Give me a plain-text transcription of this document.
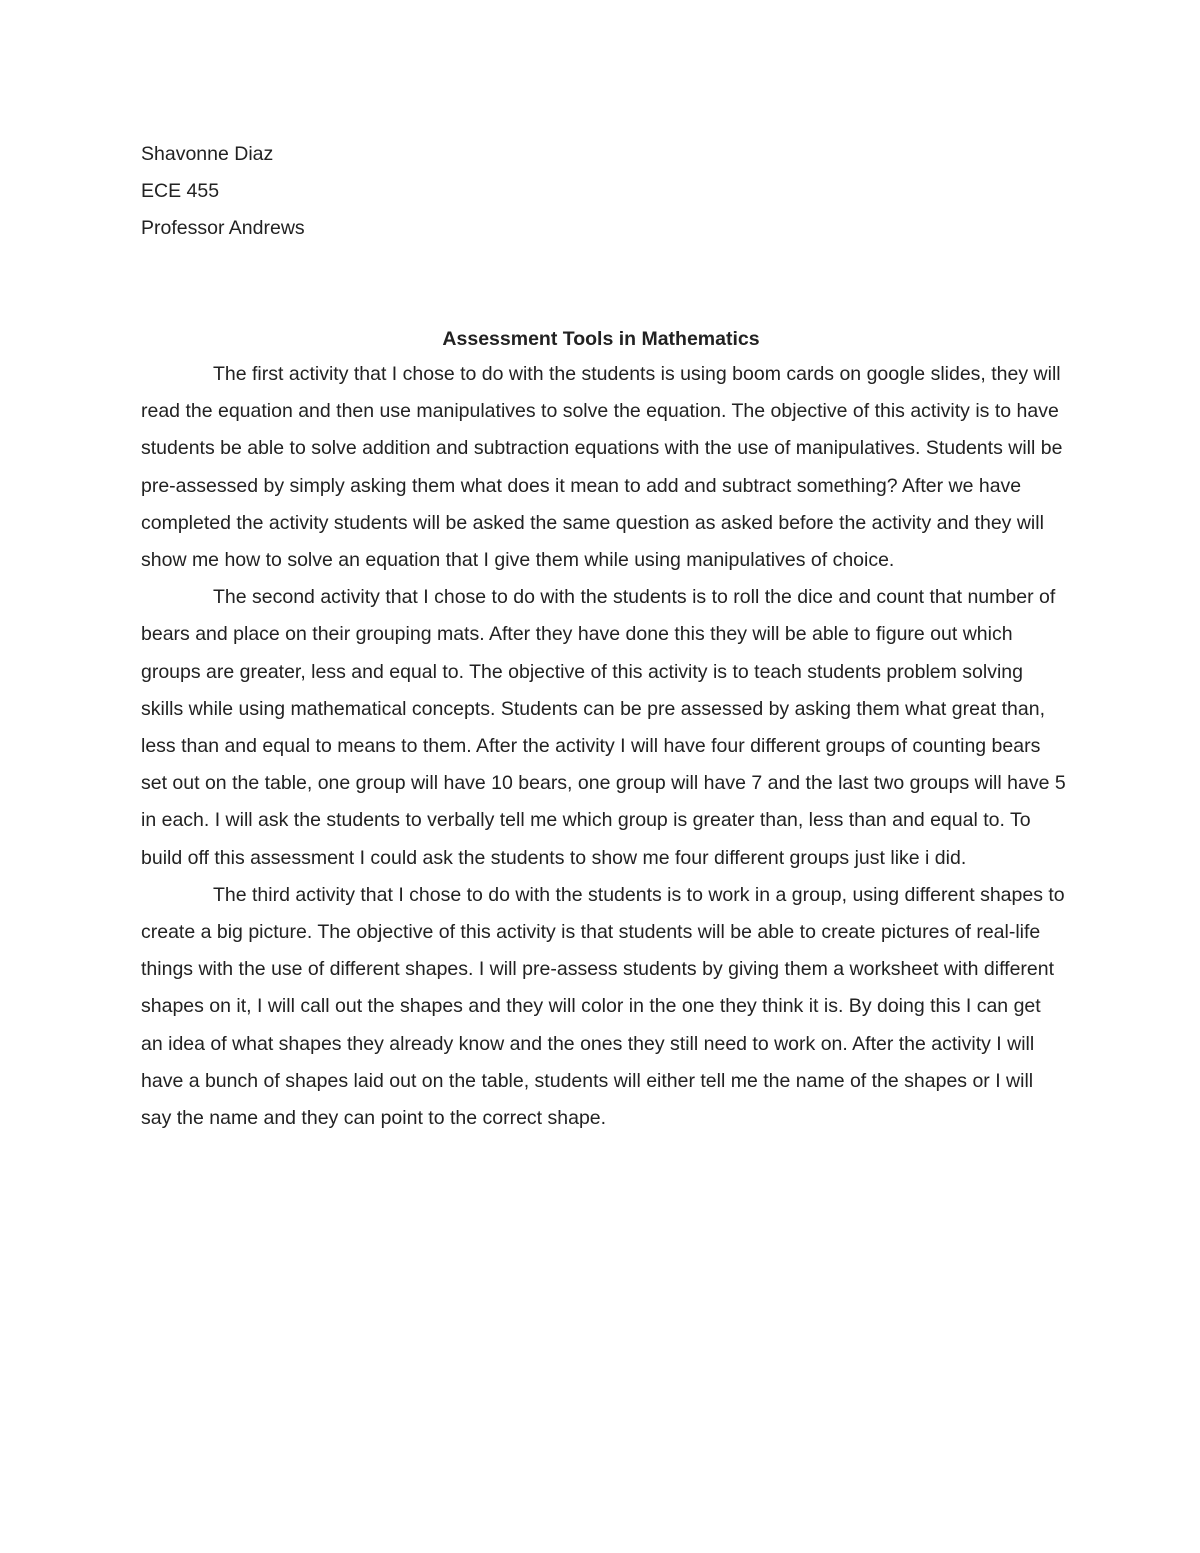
Shavonne Diaz
ECE 455
Professor Andrews
Assessment Tools in Mathematics

The first activity that I chose to do with the students is using boom cards on google slides, they will read the equation and then use manipulatives to solve the equation. The objective of this activity is to have students be able to solve addition and subtraction equations with the use of manipulatives. Students will be pre-assessed by simply asking them what does it mean to add and subtract something? After we have completed the activity students will be asked the same question as asked before the activity and they will show me how to solve an equation that I give them while using manipulatives of choice.

The second activity that I chose to do with the students is to roll the dice and count that number of bears and place on their grouping mats. After they have done this they will be able to figure out which groups are greater, less and equal to. The objective of this activity is to teach students problem solving skills while using mathematical concepts. Students can be pre assessed by asking them what great than, less than and equal to means to them. After the activity I will have four different groups of counting bears set out on the table, one group will have 10 bears, one group will have 7 and the last two groups will have 5 in each. I will ask the students to verbally tell me which group is greater than, less than and equal to. To build off this assessment I could ask the students to show me four different groups just like i did.

The third activity that I chose to do with the students is to work in a group, using different shapes to create a big picture. The objective of this activity is that students will be able to create pictures of real-life things with the use of different shapes. I will pre-assess students by giving them a worksheet with different shapes on it, I will call out the shapes and they will color in the one they think it is. By doing this I can get an idea of what shapes they already know and the ones they still need to work on. After the activity I will have a bunch of shapes laid out on the table, students will either tell me the name of the shapes or I will say the name and they can point to the correct shape.
